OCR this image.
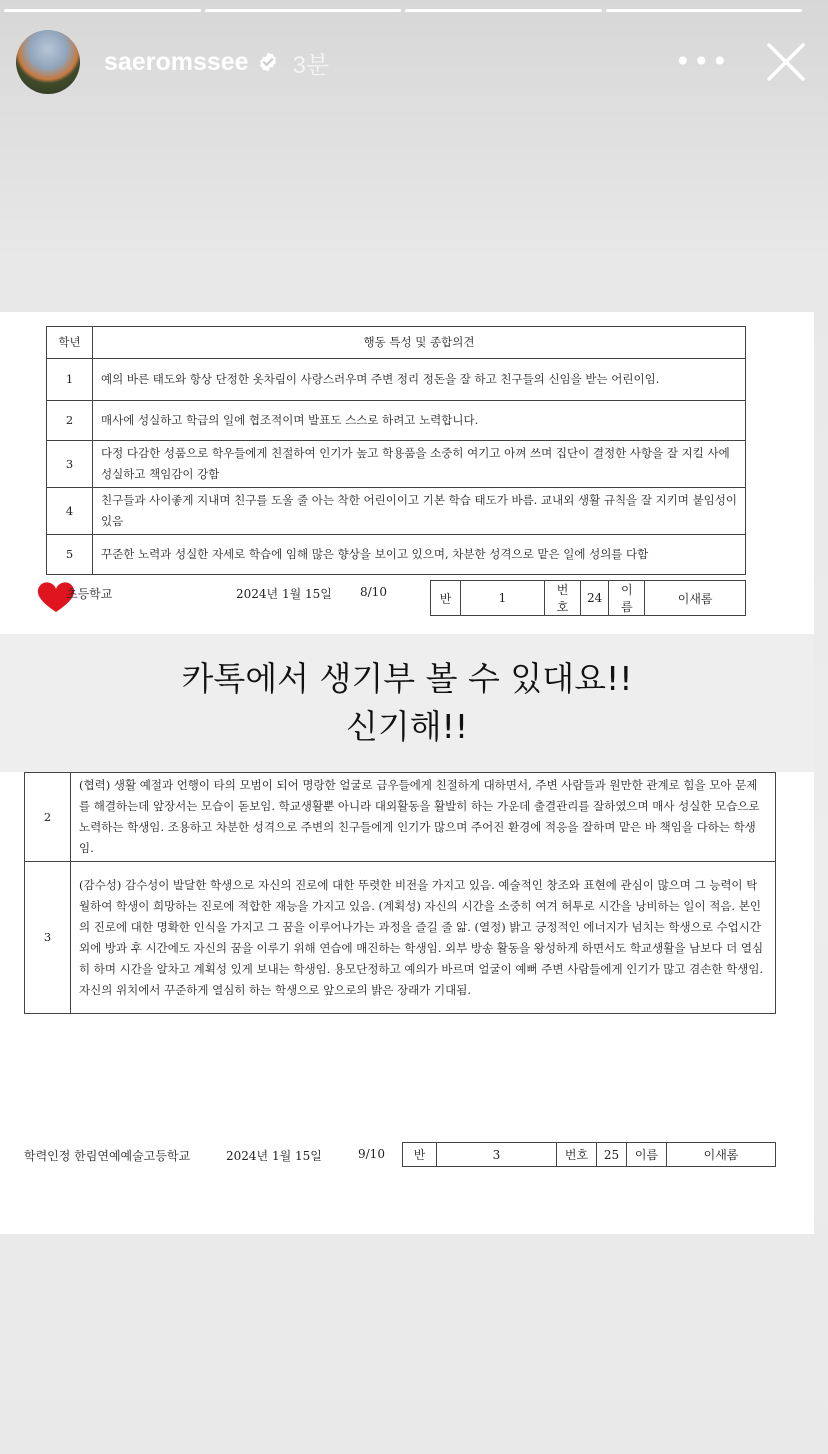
saeromssee 3분	•••
학년	행동 특성 및 종합의견
1	예의 바른 태도와 항상 단정한 옷차림이 사랑스러우며 주변 정리 정돈을 잘 하고 친구들의 신임을 받는 어린이임.
2	매사에 성실하고 학급의 일에 협조적이며 발표도 스스로 하려고 노력합니다.
3	다정 다감한 성품으로 학우들에게 친절하여 인기가 높고 학용품을 소중히 여기고 아껴 쓰며 집단이 결정한 사항을 잘 지킬 사에 성실하고 책임감이 강함
4	친구들과 사이좋게 지내며 친구를 도울 줄 아는 착한 어린이이고 기본 학습 태도가 바름. 교내외 생활 규칙을 잘 지키며 붙임성이 있음
5	꾸준한 노력과 성실한 자세로 학습에 임해 많은 향상을 보이고 있으며, 차분한 성격으로 맡은 일에 성의를 다함
초등학교	2024년 1월 15일 8/10	반	1	번호	24	이름	이새롬
카톡에서 생기부 볼 수 있대요!!
신기해!!
2	(협력) 생활 예절과 언행이 타의 모범이 되어 명랑한 얼굴로 급우들에게 친절하게 대하면서, 주변 사람들과 원만한 관계로 힘을 모아 문제를 해결하는데 앞장서는 모습이 돋보임. 학교생활뿐 아니라 대외활동을 활발히 하는 가운데 출결관리를 잘하였으며 매사 성실한 모습으로 노력하는 학생임. 조용하고 차분한 성격으로 주변의 친구들에게 인기가 많으며 주어진 환경에 적응을 잘하며 맡은 바 책임을 다하는 학생임.
3	(감수성) 감수성이 발달한 학생으로 자신의 진로에 대한 뚜렷한 비전을 가지고 있음. 예술적인 창조와 표현에 관심이 많으며 그 능력이 탁월하여 학생이 희망하는 진로에 적합한 재능을 가지고 있음. (계획성) 자신의 시간을 소중히 여겨 허투로 시간을 낭비하는 일이 적음. 본인의 진로에 대한 명확한 인식을 가지고 그 꿈을 이루어나가는 과정을 즐길 줄 앎. (열정) 밝고 긍정적인 에너지가 넘치는 학생으로 수업시간 외에 방과 후 시간에도 자신의 꿈을 이루기 위해 연습에 매진하는 학생임. 외부 방송 활동을 왕성하게 하면서도 학교생활을 남보다 더 열심히 하며 시간을 알차고 계획성 있게 보내는 학생임. 용모단정하고 예의가 바르며 얼굴이 예뻐 주변 사람들에게 인기가 많고 겸손한 학생임. 자신의 위치에서 꾸준하게 열심히 하는 학생으로 앞으로의 밝은 장래가 기대됨.
학력인정 한림연예예술고등학교	2024년 1월 15일	9/10 반	3	번호	25	이름	이새롬
